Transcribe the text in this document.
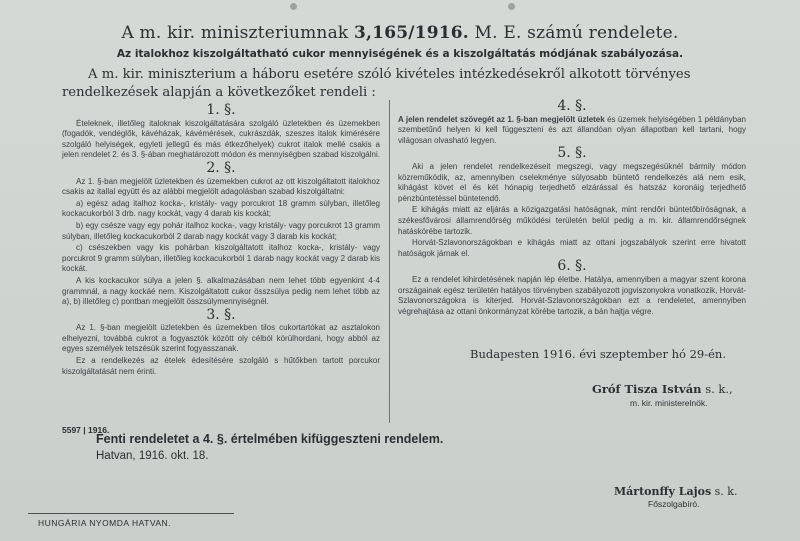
A m. kir. miniszteriumnak 3,165/1916. M. E. számú rendelete.
Az italokhoz kiszolgáltatható cukor mennyiségének és a kiszolgáltatás módjának szabályozása.
A m. kir. miniszterium a háboru esetére szóló kivételes intézkedésekről alkotott törvényes rendelkezések alapján a következőket rendeli :
1. §.

Ételeknek, illetőleg italoknak kiszolgáltatására szolgáló üzletekben és üzemekben (fogadók, vendéglők, kávéházak, kávémérések, cukrászdák, szeszes italok kimérésére szolgáló helyiségek, egyleti jellegű és más étkezőhelyek) cukrot italok mellé csakis a jelen rendelet 2. és 3. §-ában meghatározott módon és mennyiségben szabad kiszolgálni.

2. §.

Az 1. §-ban megjelölt üzletekben és üzemekben cukrot az ott kiszolgáltatott italokhoz csakis az itallal együtt és az alábbi megjelölt adagolásban szabad kiszolgáltatni:

a) egész adag italhoz kocka-, kristály- vagy porcukrot 18 gramm súlyban, illetőleg kockacukorból 3 drb. nagy kockát, vagy 4 darab kis kockát;

b) egy csésze vagy egy pohár italhoz kocka-, vagy kristály- vagy porcukrot 13 gramm súlyban, illetőleg kockacukorból 2 darab nagy kockát vagy 3 darab kis kockát;

c) csészekben vagy kis pohárban kiszolgáltatott italhoz kocka-, kristály- vagy porcukrot 9 gramm súlyban, illetőleg kockacukorból 1 darab nagy kockát vagy 2 darab kis kockát.

A kis kockacukor súlya a jelen §. alkalmazásában nem lehet több egyenkint 4·4 grammnál, a nagy kockáé nem. Kiszolgáltatott cukor összsúlya pedig nem lehet több az a), b) illetőleg c) pontban megjelölt összsúlymennyiségnél.

3. §.

Az 1. §-ban megjelölt üzletekben és üzemekben tilos cukortartókat az asztalokon elhelyezni, továbbá cukrot a fogyasztók között oly célból körülhordani, hogy abból az egyes személyek tetszésük szerint fogyasszanak.

Ez a rendelkezés az ételek édesítésére szolgáló s hűtőkben tartott porcukor kiszolgáltatását nem érinti.

4. §.

A jelen rendelet szövegét az 1. §-ban megjelölt üzletek és üzemek helyiségében 1 példányban szembetűnő helyen ki kell függeszteni és azt állandóan olyan állapotban kell tartani, hogy világosan olvasható legyen.

5. §.

Aki a jelen rendelet rendelkezéseit megszegi, vagy megszegésüknél bármily módon közreműködik, az, amennyiben cselekménye súlyosabb büntető rendelkezés alá nem esik, kihágást követ el és két hónapig terjedhető elzárással és hatszáz koronáig terjedhető pénzbüntetéssel büntetendő.

E kihágás miatt az eljárás a közigazgatási hatóságnak, mint rendőri büntetőbíróságnak, a székesfővárosi államrendőrség működési területén belül pedig a m. kir. államrendőrségnek hatáskörébe tartozik.

Horvát-Szlavonországokban e kihágás miatt az ottani jogszabályok szerint erre hivatott hatóságok járnak el.

6. §.

Ez a rendelet kihirdetésének napján lép életbe. Hatálya, amennyiben a magyar szent korona országainak egész területén hatályos törvényben szabályozott jogviszonyokra vonatkozik, Horvát-Szlavonországokra is kiterjed. Horvát-Szlavonországokban ezt a rendeletet, amennyiben végrehajtása az ottani önkormányzat körébe tartozik, a bán hajtja végre.

Budapesten 1916. évi szeptember hó 29-én.
Gróf Tisza István s. k.,
m. kir. ministerelnök.
5597 | 1916.
Fenti rendeletet a 4. §. értelmében kifüggeszteni rendelem.
Hatvan, 1916. okt. 18.
Mártonffy Lajos s. k.
Főszolgabíró.
HUNGÁRIA NYOMDA HATVAN.
